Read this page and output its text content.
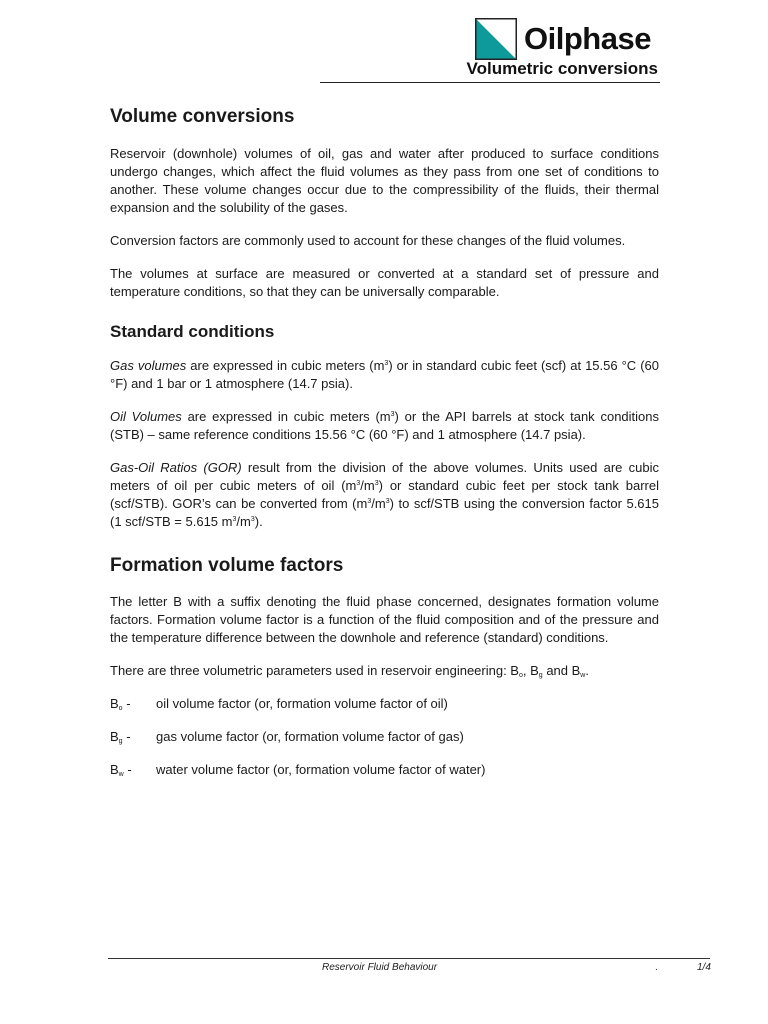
Oilphase
Volumetric conversions
Volume conversions

Reservoir (downhole) volumes of oil, gas and water after produced to surface conditions undergo changes, which affect the fluid volumes as they pass from one set of conditions to another. These volume changes occur due to the compressibility of the fluids, their thermal expansion and the solubility of the gases.

Conversion factors are commonly used to account for these changes of the fluid volumes.

The volumes at surface are measured or converted at a standard set of pressure and temperature conditions, so that they can be universally comparable.

Standard conditions

Gas volumes are expressed in cubic meters $(m^3)$ or in standard cubic feet (scf) at 15.56 °C (60 °F) and 1 bar or 1 atmosphere (14.7 psia).

Oil Volumes are expressed in cubic meters $(m^3)$ or the API barrels at stock tank conditions (STB) – same reference conditions 15.56 °C (60 °F) and 1 atmosphere (14.7 psia).

Gas-Oil Ratios (GOR) result from the division of the above volumes. Units used are cubic meters of oil per cubic meters of oil $(m^3/m^3)$ or standard cubic feet per stock tank barrel (scf/STB). GOR’s can be converted from $(m^3/m^3)$ to scf/STB using the conversion factor 5.615 (1 scf/STB = 5.615 $m^3/m^3$).

Formation volume factors

The letter B with a suffix denoting the fluid phase concerned, designates formation volume factors. Formation volume factor is a function of the fluid composition and of the pressure and the temperature difference between the downhole and reference (standard) conditions.

There are three volumetric parameters used in reservoir engineering: $B_o$, $B_g$ and $B_w$.

$B_o$ -	oil volume factor (or, formation volume factor of oil)
$B_g$ -	gas volume factor (or, formation volume factor of gas)
$B_w$ -	water volume factor (or, formation volume factor of water)
Reservoir Fluid Behaviour	.	1/4
